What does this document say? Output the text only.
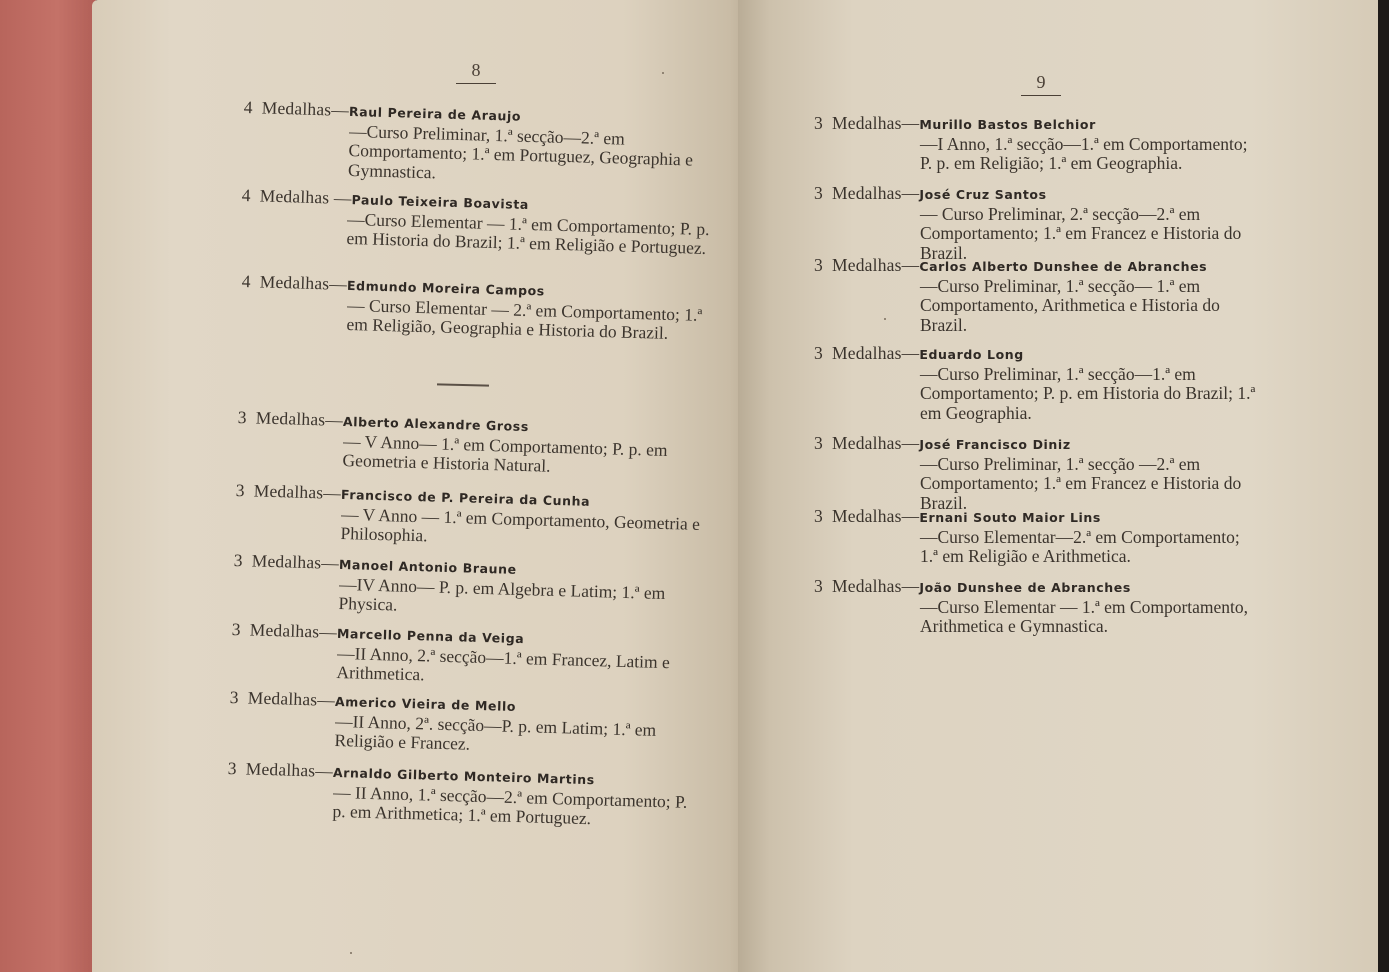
8
4 Medalhas—Raul Pereira de Araujo
—Curso Preliminar, 1.ª secção—2.ª em Comportamento; 1.ª em Portuguez, Geographia e Gymnastica.
4 Medalhas —Paulo Teixeira Boavista
—Curso Elementar — 1.ª em Comportamento; P. p. em Historia do Brazil; 1.ª em Religião e Portuguez.
4 Medalhas—Edmundo Moreira Campos
— Curso Elementar — 2.ª em Comportamento; 1.ª em Religião, Geographia e Historia do Brazil.
3 Medalhas—Alberto Alexandre Gross
— V Anno— 1.ª em Comportamento; P. p. em Geometria e Historia Natural.
3 Medalhas—Francisco de P. Pereira da Cunha
— V Anno — 1.ª em Comportamento, Geometria e Philosophia.
3 Medalhas—Manoel Antonio Braune
—IV Anno— P. p. em Algebra e Latim; 1.ª em Physica.
3 Medalhas—Marcello Penna da Veiga
—II Anno, 2.ª secção—1.ª em Francez, Latim e Arithmetica.
3 Medalhas—Americo Vieira de Mello
—II Anno, 2ª. secção—P. p. em Latim; 1.ª em Religião e Francez.
3 Medalhas—Arnaldo Gilberto Monteiro Martins
— II Anno, 1.ª secção—2.ª em Comportamento; P. p. em Arithmetica; 1.ª em Portuguez.
9
3 Medalhas—Murillo Bastos Belchior
—I Anno, 1.ª secção—1.ª em Comportamento; P. p. em Religião; 1.ª em Geographia.
3 Medalhas—José Cruz Santos
— Curso Preliminar, 2.ª secção—2.ª em Comportamento; 1.ª em Francez e Historia do Brazil.
3 Medalhas—Carlos Alberto Dunshee de Abranches
—Curso Preliminar, 1.ª secção— 1.ª em Comportamento, Arithmetica e Historia do Brazil.
3 Medalhas—Eduardo Long
—Curso Preliminar, 1.ª secção—1.ª em Comportamento; P. p. em Historia do Brazil; 1.ª em Geographia.
3 Medalhas—José Francisco Diniz
—Curso Preliminar, 1.ª secção —2.ª em Comportamento; 1.ª em Francez e Historia do Brazil.
3 Medalhas—Ernani Souto Maior Lins
—Curso Elementar—2.ª em Comportamento; 1.ª em Religião e Arithmetica.
3 Medalhas—João Dunshee de Abranches
—Curso Elementar — 1.ª em Comportamento, Arithmetica e Gymnastica.
